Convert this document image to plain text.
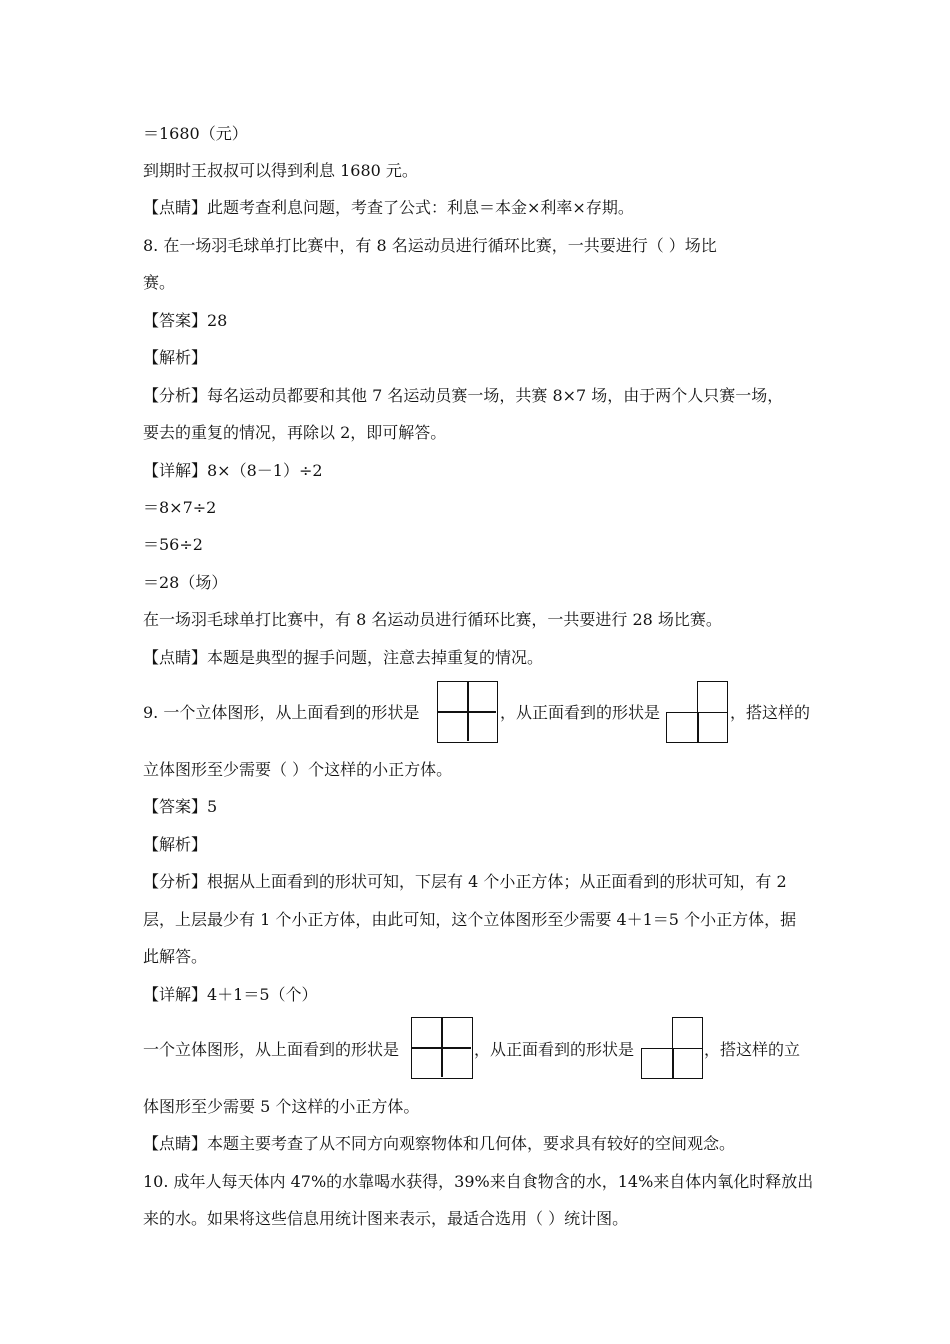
＝1680（元）
到期时王叔叔可以得到利息 1680 元。
【点睛】此题考查利息问题，考查了公式：利息＝本金×利率×存期。
8. 在一场羽毛球单打比赛中，有 8 名运动员进行循环比赛，一共要进行（ ）场比
赛。
【答案】28
【解析】
【分析】每名运动员都要和其他 7 名运动员赛一场，共赛 8×7 场，由于两个人只赛一场，
要去的重复的情况，再除以 2，即可解答。
【详解】8×（8－1）÷2
＝8×7÷2
＝56÷2
＝28（场）
在一场羽毛球单打比赛中，有 8 名运动员进行循环比赛，一共要进行 28 场比赛。
【点睛】本题是典型的握手问题，注意去掉重复的情况。
9. 一个立体图形，从上面看到的形状是	，从正面看到的形状是	，搭这样的
立体图形至少需要（ ）个这样的小正方体。
【答案】5
【解析】
【分析】根据从上面看到的形状可知，下层有 4 个小正方体；从正面看到的形状可知，有 2
层，上层最少有 1 个小正方体，由此可知，这个立体图形至少需要 4＋1＝5 个小正方体，据
此解答。
【详解】4＋1＝5（个）
一个立体图形，从上面看到的形状是	，从正面看到的形状是	，搭这样的立
体图形至少需要 5 个这样的小正方体。
【点睛】本题主要考查了从不同方向观察物体和几何体，要求具有较好的空间观念。
10. 成年人每天体内 47%的水靠喝水获得，39%来自食物含的水，14%来自体内氧化时释放出
来的水。如果将这些信息用统计图来表示，最适合选用（ ）统计图。
